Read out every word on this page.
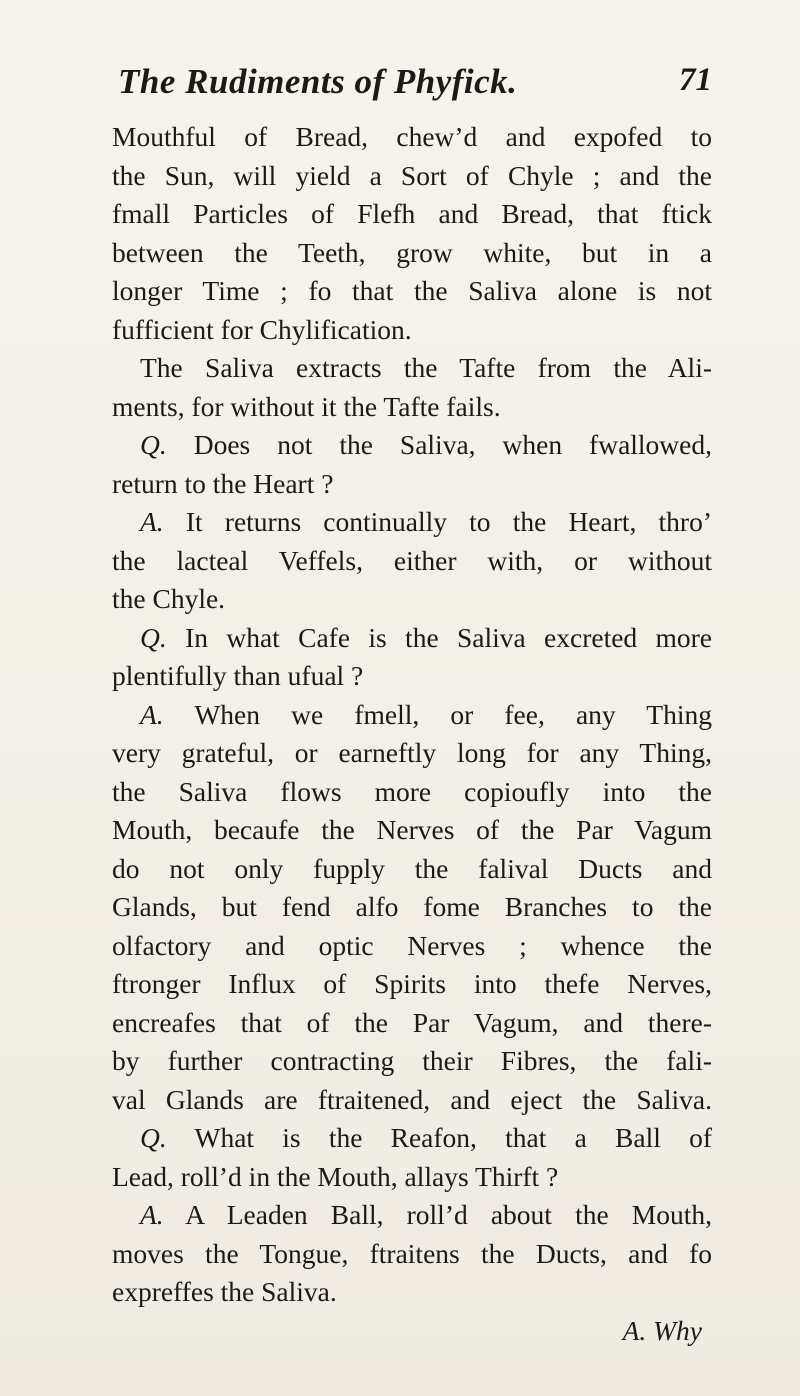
The Rudiments of Phyfick.	71
Mouthful of Bread, chew’d and expofed to
the Sun, will yield a Sort of Chyle ; and the
fmall Particles of Flefh and Bread, that ftick
between the Teeth, grow white, but in a
longer Time ; fo that the Saliva alone is not
fufficient for Chylification.
The Saliva extracts the Tafte from the Ali-
ments, for without it the Tafte fails.
Q. Does not the Saliva, when fwallowed,
return to the Heart ?
A. It returns continually to the Heart, thro’
the lacteal Veffels, either with, or without
the Chyle.
Q. In what Cafe is the Saliva excreted more
plentifully than ufual ?
A. When we fmell, or fee, any Thing
very grateful, or earneftly long for any Thing,
the Saliva flows more copioufly into the
Mouth, becaufe the Nerves of the Par Vagum
do not only fupply the falival Ducts and
Glands, but fend alfo fome Branches to the
olfactory and optic Nerves ; whence the
ftronger Influx of Spirits into thefe Nerves,
encreafes that of the Par Vagum, and there-
by further contracting their Fibres, the fali-
val Glands are ftraitened, and eject the Saliva.
Q. What is the Reafon, that a Ball of
Lead, roll’d in the Mouth, allays Thirft ?
A. A Leaden Ball, roll’d about the Mouth,
moves the Tongue, ftraitens the Ducts, and fo
expreffes the Saliva.
A. Why
